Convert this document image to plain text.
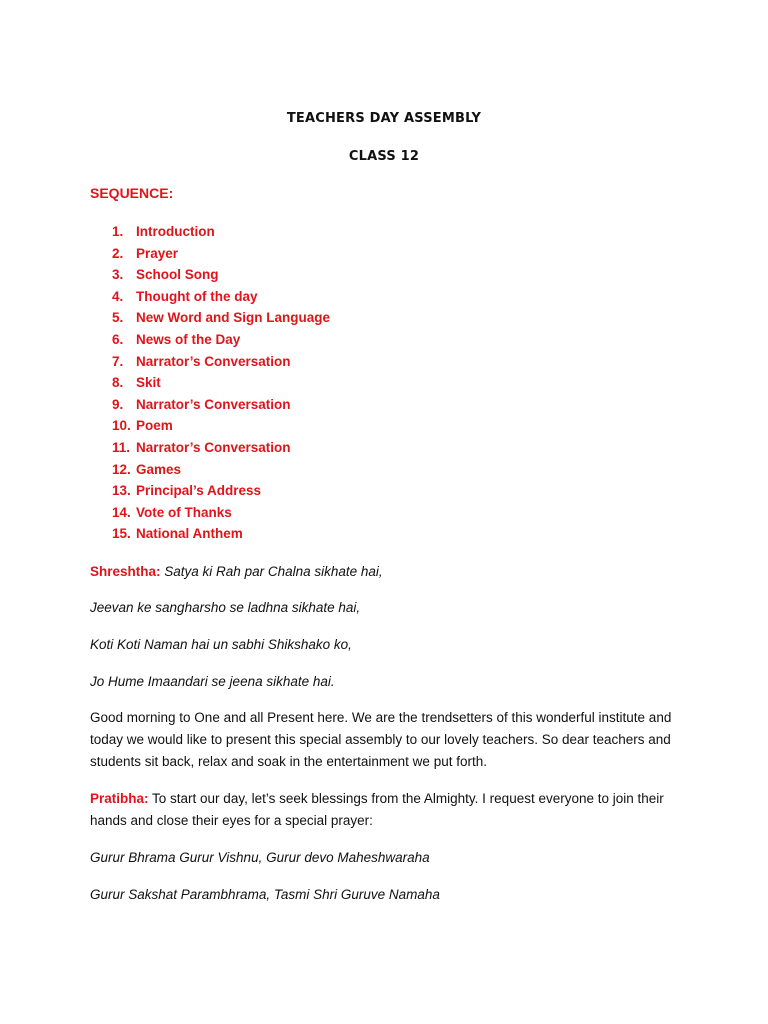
TEACHERS DAY ASSEMBLY
CLASS 12
SEQUENCE:
1. Introduction
2. Prayer
3. School Song
4. Thought of the day
5. New Word and Sign Language
6. News of the Day
7. Narrator’s Conversation
8. Skit
9. Narrator’s Conversation
10. Poem
11. Narrator’s Conversation
12. Games
13. Principal’s Address
14. Vote of Thanks
15. National Anthem
Shreshtha: Satya ki Rah par Chalna sikhate hai,
Jeevan ke sangharsho se ladhna sikhate hai,
Koti Koti Naman hai un sabhi Shikshako ko,
Jo Hume Imaandari se jeena sikhate hai.
Good morning to One and all Present here. We are the trendsetters of this wonderful institute and today we would like to present this special assembly to our lovely teachers. So dear teachers and students sit back, relax and soak in the entertainment we put forth.
Pratibha: To start our day, let’s seek blessings from the Almighty. I request everyone to join their hands and close their eyes for a special prayer:
Gurur Bhrama Gurur Vishnu, Gurur devo Maheshwaraha
Gurur Sakshat Parambhrama, Tasmi Shri Guruve Namaha
